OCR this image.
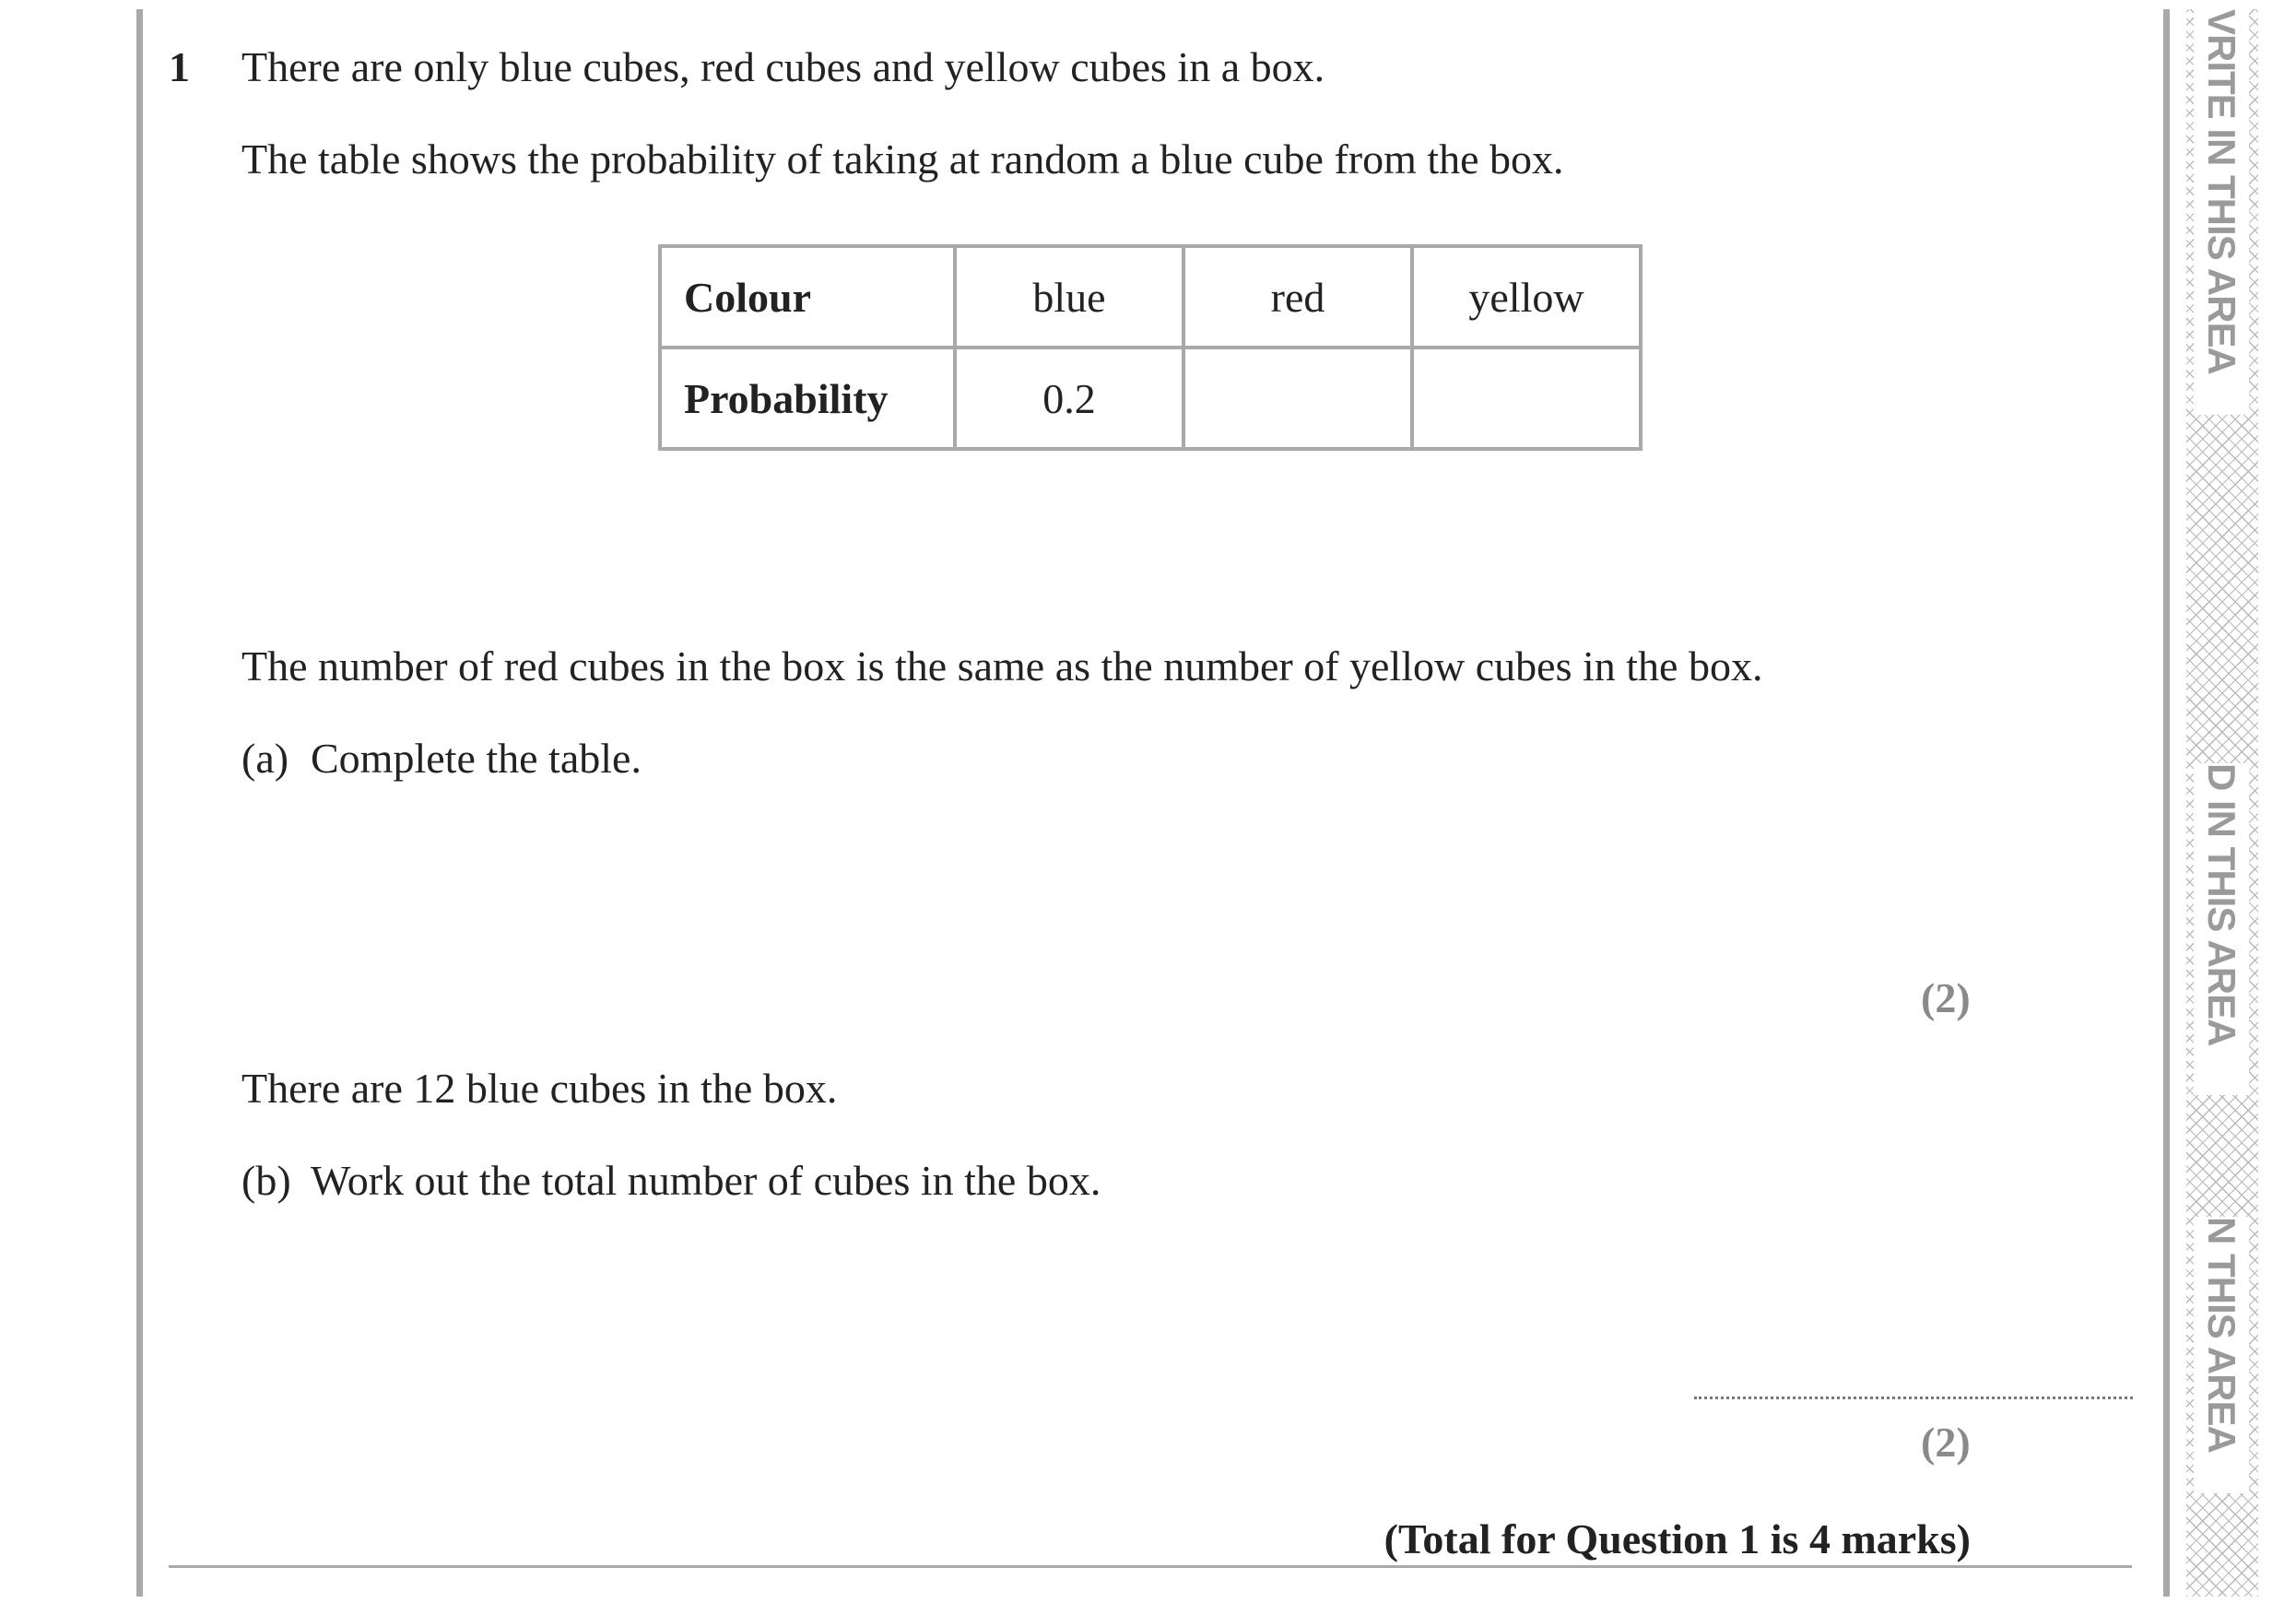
VRITE IN THIS AREA
D IN THIS AREA
N THIS AREA
1 There are only blue cubes, red cubes and yellow cubes in a box.
The table shows the probability of taking at random a blue cube from the box.
Colour	blue	red	yellow
Probability	0.2		
The number of red cubes in the box is the same as the number of yellow cubes in the box.
(a) Complete the table.
(2)
There are 12 blue cubes in the box.
(b) Work out the total number of cubes in the box.
(2)
(Total for Question 1 is 4 marks)
